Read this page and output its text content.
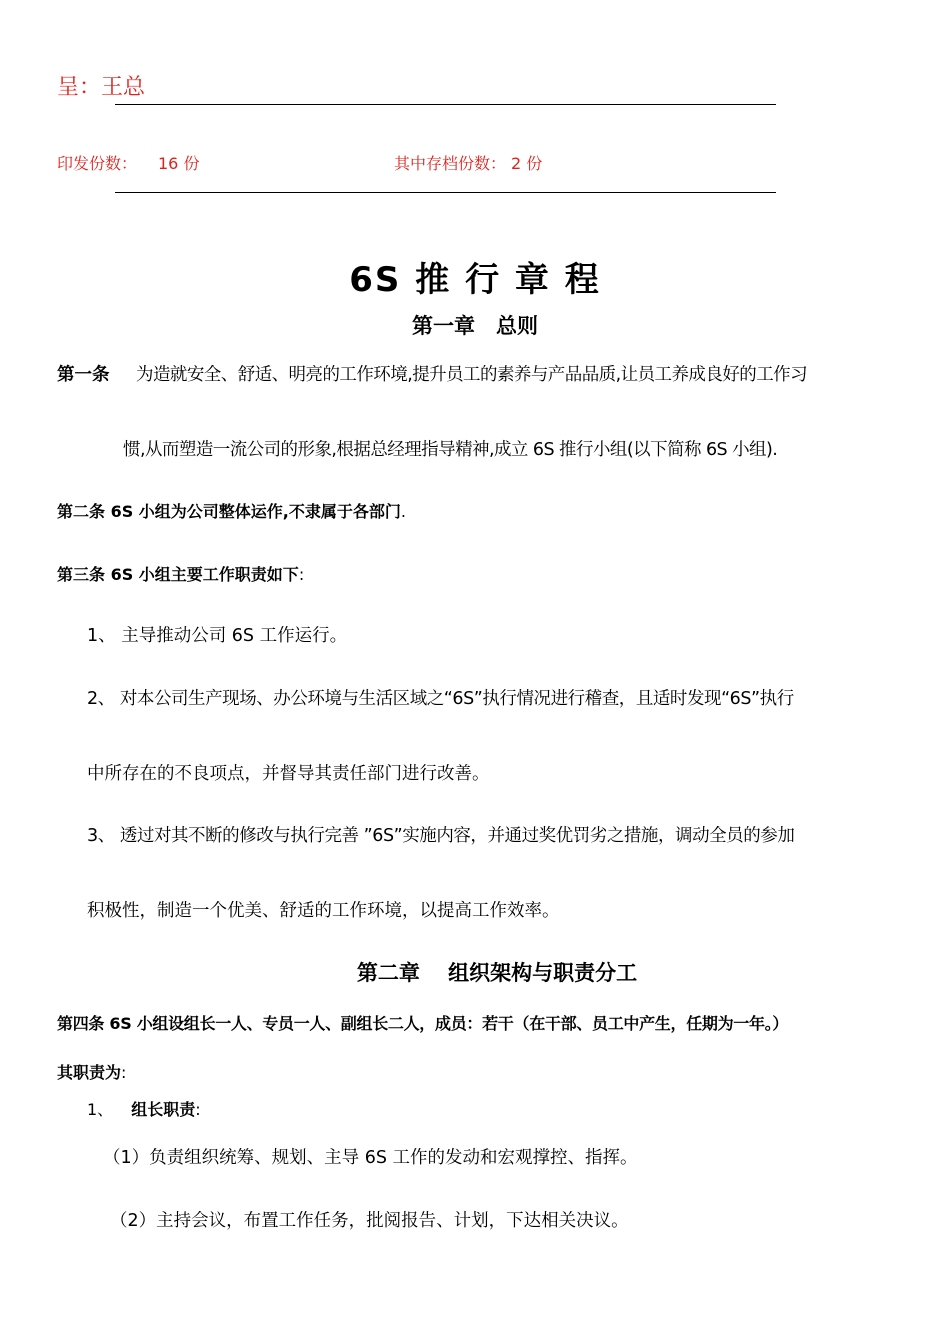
呈：王总
印发份数： 16 份	其中存档份数： 2 份
6S 推 行 章 程
第一章　总则
第一条 为造就安全、舒适、明亮的工作环境,提升员工的素养与产品品质,让员工养成良好的工作习
惯,从而塑造一流公司的形象,根据总经理指导精神,成立 6S 推行小组(以下简称 6S 小组).
第二条 6S 小组为公司整体运作,不隶属于各部门.
第三条 6S 小组主要工作职责如下:
1、 主导推动公司 6S 工作运行。
2、 对本公司生产现场、办公环境与生活区域之“6S”执行情况进行稽查，且适时发现“6S”执行
中所存在的不良项点，并督导其责任部门进行改善。
3、 透过对其不断的修改与执行完善 ”6S”实施内容，并通过奖优罚劣之措施，调动全员的参加
积极性，制造一个优美、舒适的工作环境，以提高工作效率。
第二章　 组织架构与职责分工
第四条 6S 小组设组长一人、专员一人、副组长二人，成员：若干（在干部、员工中产生，任期为一年。）
其职责为:
1、 组长职责:
（1）负责组织统筹、规划、主导 6S 工作的发动和宏观撑控、指挥。
（2）主持会议，布置工作任务，批阅报告、计划，下达相关决议。
